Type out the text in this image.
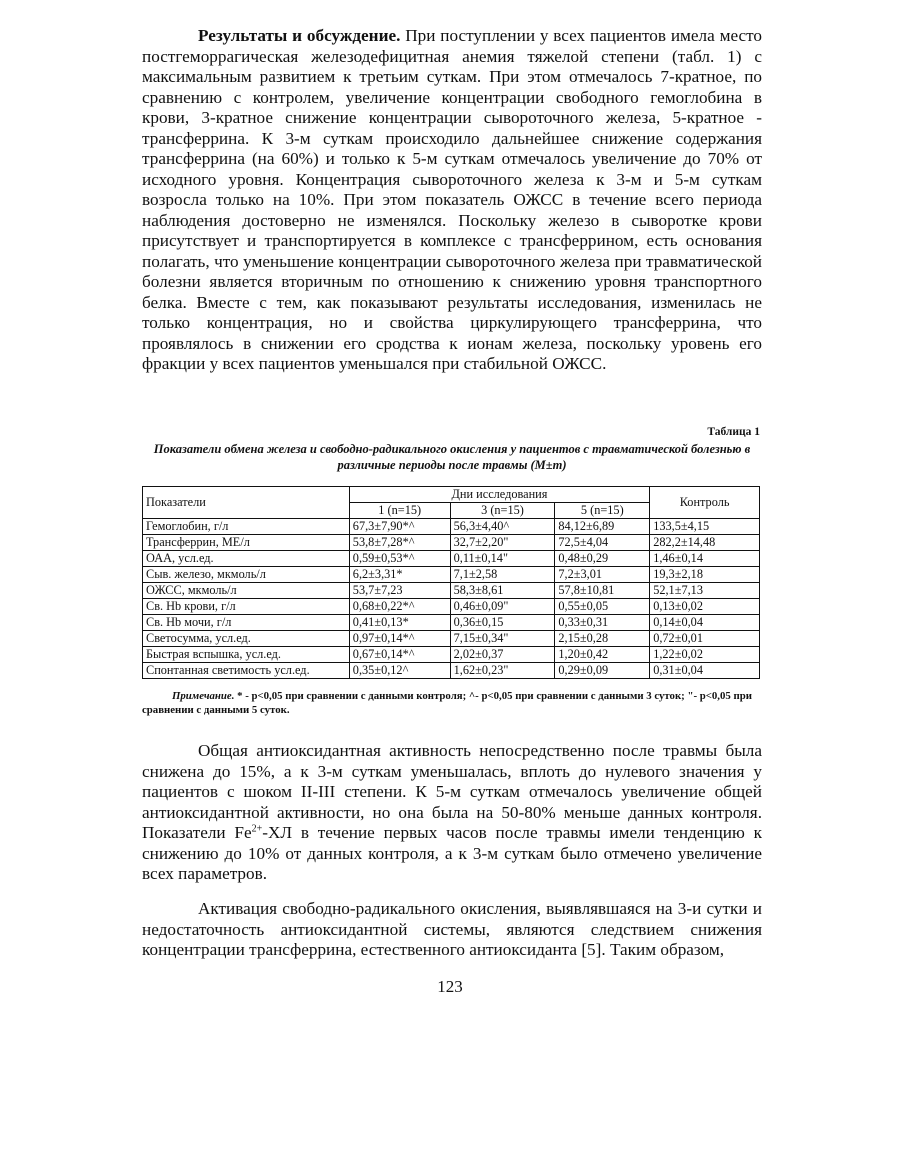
Результаты и обсуждение. При поступлении у всех пациентов имела место постгеморрагическая железодефицитная анемия тяжелой степени (табл. 1) с максимальным развитием к третьим суткам. При этом отмечалось 7-кратное, по сравнению с контролем, увеличение концентрации свободного гемоглобина в крови, 3-кратное снижение концентрации сывороточного железа, 5-кратное - трансферрина. К 3-м суткам происходило дальнейшее снижение содержания трансферрина (на 60%) и только к 5-м суткам отмечалось увеличение до 70% от исходного уровня. Концентрация сывороточного железа к 3-м и 5-м суткам возросла только на 10%. При этом показатель ОЖСС в течение всего периода наблюдения достоверно не изменялся. Поскольку железо в сыворотке крови присутствует и транспортируется в комплексе с трансферрином, есть основания полагать, что уменьшение концентрации сывороточного железа при травматической болезни является вторичным по отношению к снижению уровня транспортного белка. Вместе с тем, как показывают результаты исследования, изменилась не только концентрация, но и свойства циркулирующего трансферрина, что проявлялось в снижении его сродства к ионам железа, поскольку уровень его фракции у всех пациентов уменьшался при стабильной ОЖСС.

Таблица 1

Показатели обмена железа и свободно-радикального окисления у пациентов с травматической болезнью в различные периоды после травмы (M±m)

Показатели	Дни исследования			Контроль
	1 (n=15)	3 (n=15)	5 (n=15)	
Гемоглобин, г/л	67,3±7,90*^	56,3±4,40^	84,12±6,89	133,5±4,15
Трансферрин, МЕ/л	53,8±7,28*^	32,7±2,20"	72,5±4,04	282,2±14,48
ОАА, усл.ед.	0,59±0,53*^	0,11±0,14"	0,48±0,29	1,46±0,14
Сыв. железо, мкмоль/л	6,2±3,31*	7,1±2,58	7,2±3,01	19,3±2,18
ОЖСС, мкмоль/л	53,7±7,23	58,3±8,61	57,8±10,81	52,1±7,13
Св. Hb крови, г/л	0,68±0,22*^	0,46±0,09"	0,55±0,05	0,13±0,02
Св. Hb мочи, г/л	0,41±0,13*	0,36±0,15	0,33±0,31	0,14±0,04
Светосумма, усл.ед.	0,97±0,14*^	7,15±0,34"	2,15±0,28	0,72±0,01
Быстрая вспышка, усл.ед.	0,67±0,14*^	2,02±0,37	1,20±0,42	1,22±0,02
Спонтанная светимость усл.ед.	0,35±0,12^	1,62±0,23"	0,29±0,09	0,31±0,04

Примечание. * - p<0,05 при сравнении с данными контроля; ^- p<0,05 при сравнении с данными 3 суток; "- p<0,05 при сравнении с данными 5 суток.

Общая антиоксидантная активность непосредственно после травмы была снижена до 15%, а к 3-м суткам уменьшалась, вплоть до нулевого значения у пациентов с шоком II-III степени. К 5-м суткам отмечалось увеличение общей антиоксидантной активности, но она была на 50-80% меньше данных контроля. Показатели $Fe^{2+}-ХЛ$ в течение первых часов после травмы имели тенденцию к снижению до 10% от данных контроля, а к 3-м суткам было отмечено увеличение всех параметров.

Активация свободно-радикального окисления, выявлявшаяся на 3-и сутки и недостаточность антиоксидантной системы, являются следствием снижения концентрации трансферрина, естественного антиоксиданта [5]. Таким образом,

123
